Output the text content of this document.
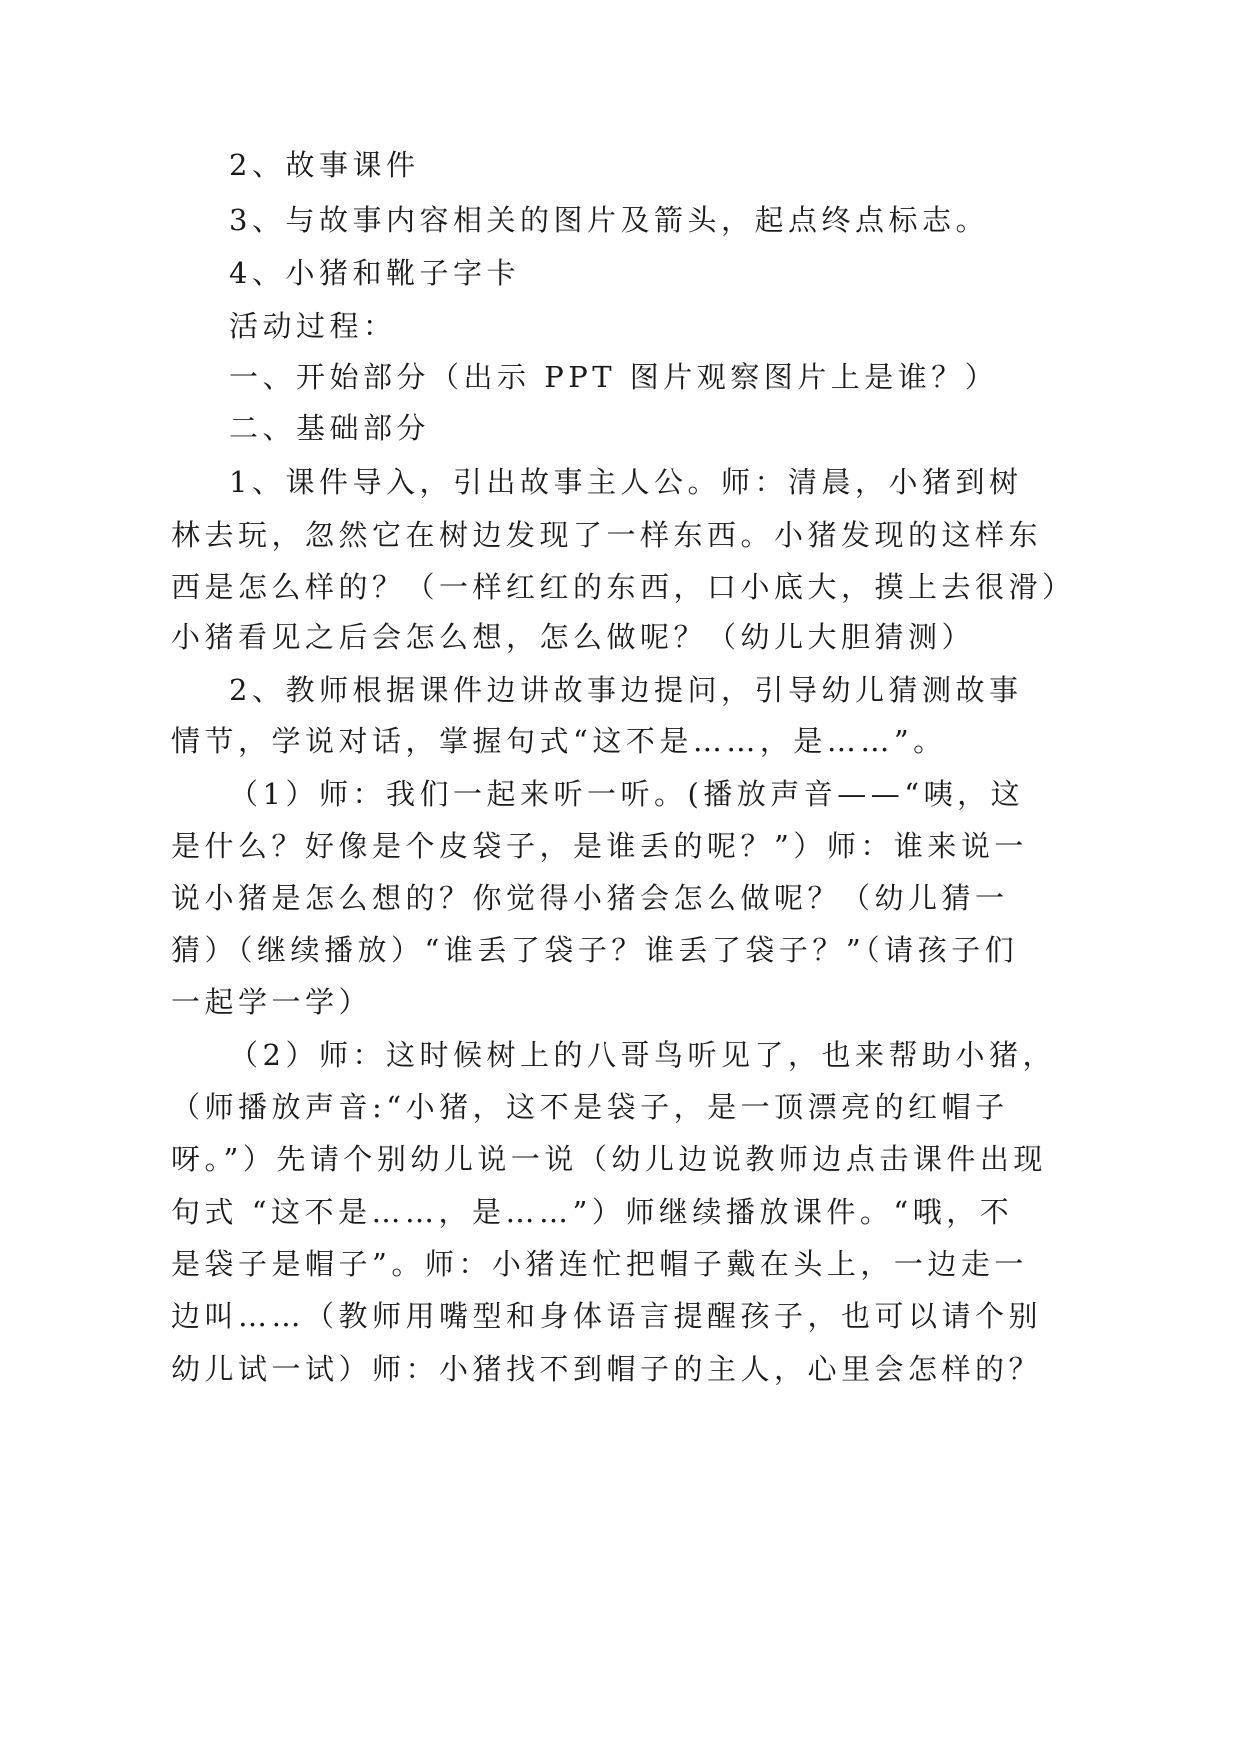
2、故事课件
3、与故事内容相关的图片及箭头，起点终点标志。
4、小猪和靴子字卡
活动过程：
一、开始部分（出示 PPT 图片观察图片上是谁？）
二、基础部分
1、课件导入，引出故事主人公。师：清晨，小猪到树
林去玩，忽然它在树边发现了一样东西。小猪发现的这样东
西是怎么样的？（一样红红的东西，口小底大，摸上去很滑）
小猪看见之后会怎么想，怎么做呢？（幼儿大胆猜测）
2、教师根据课件边讲故事边提问，引导幼儿猜测故事
情节，学说对话，掌握句式“这不是……，是……”。
（1）师：我们一起来听一听。(播放声音——“咦，这
是什么？好像是个皮袋子，是谁丢的呢？”）师：谁来说一
说小猪是怎么想的？你觉得小猪会怎么做呢？（幼儿猜一
猜）（继续播放）“谁丢了袋子？谁丢了袋子？”（请孩子们
一起学一学）
（2）师：这时候树上的八哥鸟听见了，也来帮助小猪，
（师播放声音:“小猪，这不是袋子，是一顶漂亮的红帽子
呀。”）先请个别幼儿说一说（幼儿边说教师边点击课件出现
句式 “这不是……，是……”）师继续播放课件。“哦，不
是袋子是帽子”。师：小猪连忙把帽子戴在头上，一边走一
边叫……（教师用嘴型和身体语言提醒孩子，也可以请个别
幼儿试一试）师：小猪找不到帽子的主人，心里会怎样的？
